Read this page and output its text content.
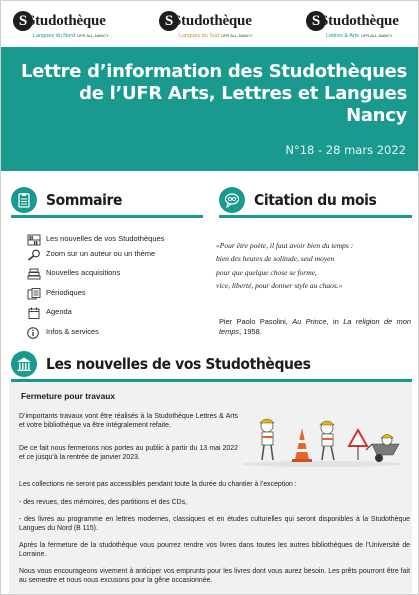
S Studothèque
Langues du Nord UFR ALL-NANCY
S Studothèque
Langues du Sud UFR ALL-NANCY
S Studothèque
Lettres & Arts UFR ALL-NANCY
Lettre d’information des Studothèques
de l’UFR Arts, Lettres et Langues
Nancy
N°18 - 28 mars 2022
Sommaire	Citation du mois
Les nouvelles de vos Studothèques
Zoom sur un auteur ou un thème
Nouvelles acquisitions
Périodiques
Agenda
Infos & services

«Pour être poète, il faut avoir bien du temps :

bien des heures de solitude, seul moyen

pour que quelque chose se forme,

vice, liberté, pour donner style au chaos.»

Pier Paolo Pasolini, Au Prince, in La religion de mon temps, 1958.
Les nouvelles de vos Studothèques
Fermeture pour travaux
D’importants travaux vont être réalisés à la Studothèque Lettres & Arts et votre bibliothèque va être intégralement refaite.
De ce fait nous fermerons nos portes au public à partir du 13 mai 2022 et ce jusqu’à la rentrée de janvier 2023.
Les collections ne seront pas accessibles pendant toute la durée du chantier à l’exception :
- des revues, des mémoires, des partitions et des CDs,
- des livres au programme en lettres modernes, classiques et en études culturelles qui seront disponibles à la Studothèque Langues du Nord (B 115).
Après la fermeture de la studothèque vous pourrez rendre vos livres dans toutes les autres bibliothèques de l’Université de Lorraine.
Nous vous encourageons vivement à anticiper vos emprunts pour les livres dont vous aurez besoin. Les prêts pourront être fait au semestre et nous nous excusons pour la gêne occasionnée.
